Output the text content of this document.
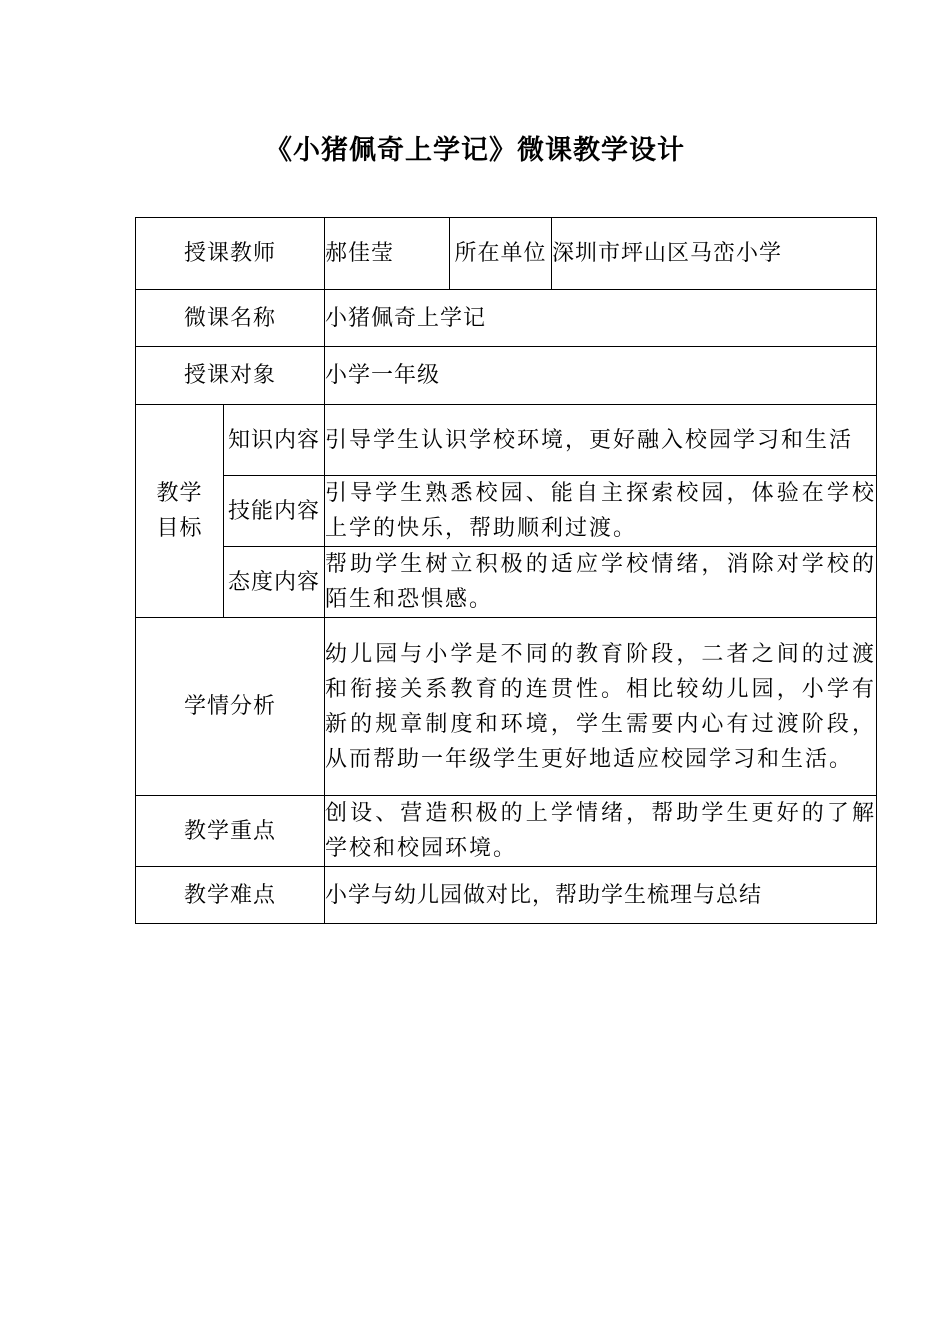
《小猪佩奇上学记》微课教学设计
授课教师		郝佳莹	所在单位	深圳市坪山区马峦小学
微课名称		小猪佩奇上学记		
授课对象		小学一年级		
教学目标	知识内容	引导学生认识学校环境，更好融入校园学习和生活		
	技能内容	引导学生熟悉校园、能自主探索校园，体验在学校上学的快乐，帮助顺利过渡。		
	态度内容	帮助学生树立积极的适应学校情绪，消除对学校的陌生和恐惧感。		
学情分析		幼儿园与小学是不同的教育阶段，二者之间的过渡和衔接关系教育的连贯性。相比较幼儿园，小学有新的规章制度和环境，学生需要内心有过渡阶段，从而帮助一年级学生更好地适应校园学习和生活。		
教学重点		创设、营造积极的上学情绪，帮助学生更好的了解学校和校园环境。		
教学难点		小学与幼儿园做对比，帮助学生梳理与总结		
